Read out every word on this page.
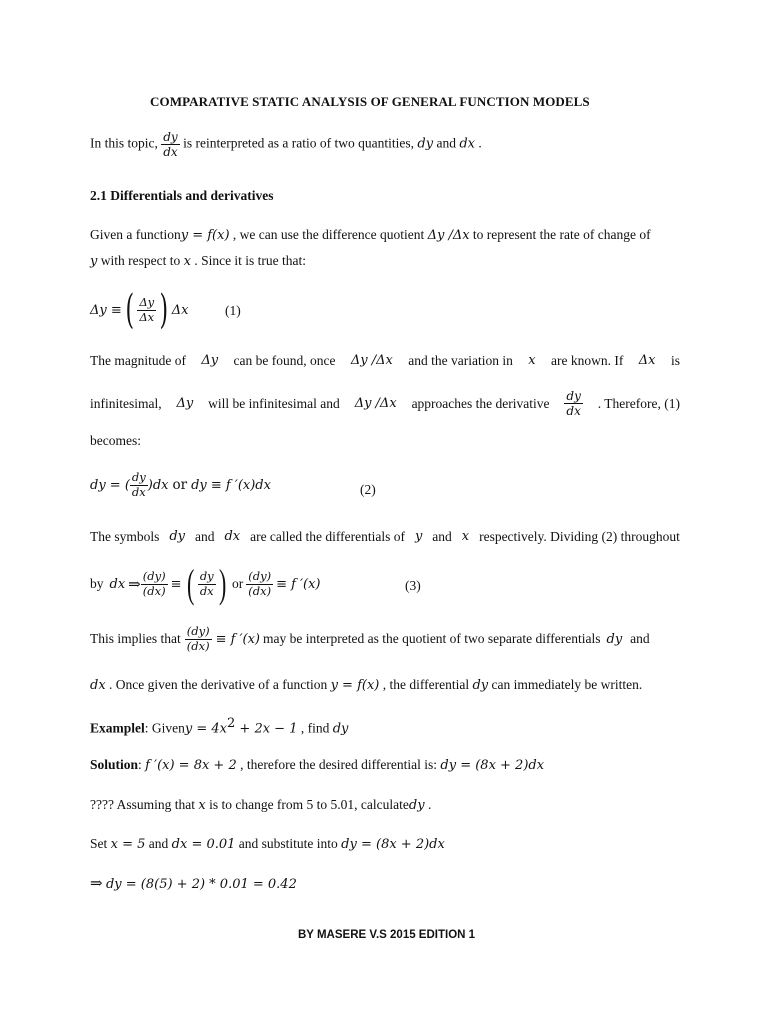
COMPARATIVE STATIC ANALYSIS OF GENERAL FUNCTION MODELS
In this topic, $\frac{dy}{dx}$ is reinterpreted as a ratio of two quantities, dy and dx .
2.1 Differentials and derivatives
Given a functiony = f(x) , we can use the difference quotient Δy /Δx to represent the rate of change of
y with respect to x . Since it is true that:
Δy ≡ ( $\frac{\Delta y}{\Delta x}$ ) Δx	(1)
The magnitude of Δy can be found, once Δy /Δx and the variation in x are known. If Δx is
infinitesimal, Δy will be infinitesimal and Δy /Δx approaches the derivative $\frac{dy}{dx}$ . Therefore, (1)
becomes:
dy = ( $\frac{dy}{dx} )dx$ or dy ≡ f ′(x)dx	(2)
The symbols dy and dx are called the differentials of y and x respectively. Dividing (2) throughout
by dx ⇒ $\frac{(dy)}{(dx)}$ ≡ ( $\frac{dy}{dx}$ ) or $\frac{(dy)}{(dx)} \equiv f$ ′(x)	(3)
This implies that $\frac{(dy)}{(dx)} \equiv f$ ′(x) may be interpreted as the quotient of two separate differentials dy and
dx . Once given the derivative of a function y = f(x) , the differential dy can immediately be written.
Examplel: Giveny = $4x^2 + 2x - 1$ , find dy
Solution: f ′(x) = 8x + 2 , therefore the desired differential is: dy = (8x + 2)dx
???? Assuming that x is to change from 5 to 5.01, calculatedy .
Set x = 5 and dx = 0.01 and substitute into dy = (8x + 2)dx
⇒ dy = (8(5) + 2) * 0.01 = 0.42
BY MASERE V.S 2015 EDITION 1
